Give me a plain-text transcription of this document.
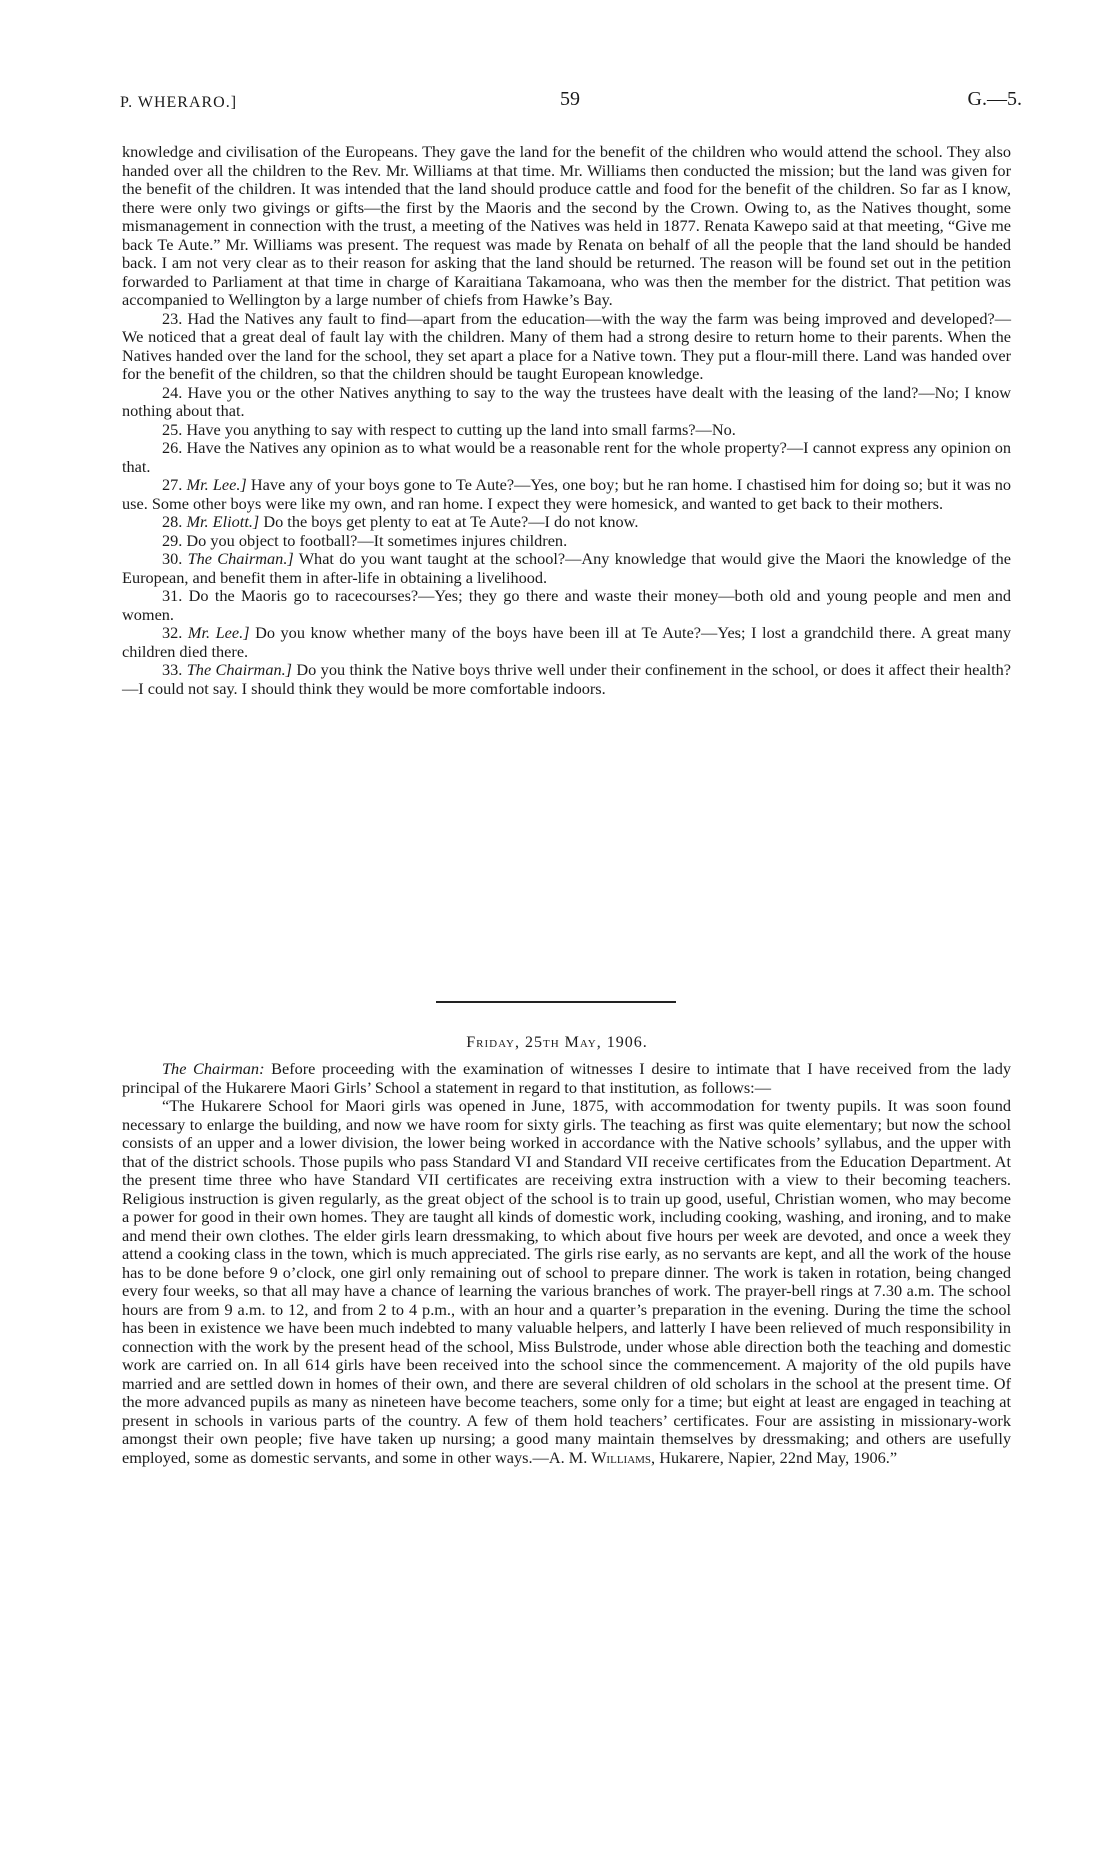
P. WHERARO.]	59	G.—5.

knowledge and civilisation of the Europeans. They gave the land for the benefit of the children who would attend the school. They also handed over all the children to the Rev. Mr. Williams at that time. Mr. Williams then conducted the mission; but the land was given for the benefit of the children. It was intended that the land should produce cattle and food for the benefit of the children. So far as I know, there were only two givings or gifts—the first by the Maoris and the second by the Crown. Owing to, as the Natives thought, some mismanagement in connection with the trust, a meeting of the Natives was held in 1877. Renata Kawepo said at that meeting, “Give me back Te Aute.” Mr. Williams was present. The request was made by Renata on behalf of all the people that the land should be handed back. I am not very clear as to their reason for asking that the land should be returned. The reason will be found set out in the petition forwarded to Parliament at that time in charge of Karaitiana Takamoana, who was then the member for the district. That petition was accompanied to Wellington by a large number of chiefs from Hawke’s Bay.

23. Had the Natives any fault to find—apart from the education—with the way the farm was being improved and developed?—We noticed that a great deal of fault lay with the children. Many of them had a strong desire to return home to their parents. When the Natives handed over the land for the school, they set apart a place for a Native town. They put a flour-mill there. Land was handed over for the benefit of the children, so that the children should be taught European knowledge.

24. Have you or the other Natives anything to say to the way the trustees have dealt with the leasing of the land?—No; I know nothing about that.

25. Have you anything to say with respect to cutting up the land into small farms?—No.

26. Have the Natives any opinion as to what would be a reasonable rent for the whole property?—I cannot express any opinion on that.

27. Mr. Lee.] Have any of your boys gone to Te Aute?—Yes, one boy; but he ran home. I chastised him for doing so; but it was no use. Some other boys were like my own, and ran home. I expect they were homesick, and wanted to get back to their mothers.

28. Mr. Eliott.] Do the boys get plenty to eat at Te Aute?—I do not know.

29. Do you object to football?—It sometimes injures children.

30. The Chairman.] What do you want taught at the school?—Any knowledge that would give the Maori the knowledge of the European, and benefit them in after-life in obtaining a livelihood.

31. Do the Maoris go to racecourses?—Yes; they go there and waste their money—both old and young people and men and women.

32. Mr. Lee.] Do you know whether many of the boys have been ill at Te Aute?—Yes; I lost a grandchild there. A great many children died there.

33. The Chairman.] Do you think the Native boys thrive well under their confinement in the school, or does it affect their health?—I could not say. I should think they would be more comfortable indoors.

Friday, 25th May, 1906.

The Chairman: Before proceeding with the examination of witnesses I desire to intimate that I have received from the lady principal of the Hukarere Maori Girls’ School a statement in regard to that institution, as follows:—

“The Hukarere School for Maori girls was opened in June, 1875, with accommodation for twenty pupils. It was soon found necessary to enlarge the building, and now we have room for sixty girls. The teaching as first was quite elementary; but now the school consists of an upper and a lower division, the lower being worked in accordance with the Native schools’ syllabus, and the upper with that of the district schools. Those pupils who pass Standard VI and Standard VII receive certificates from the Education Department. At the present time three who have Standard VII certificates are receiving extra instruction with a view to their becoming teachers. Religious instruction is given regularly, as the great object of the school is to train up good, useful, Christian women, who may become a power for good in their own homes. They are taught all kinds of domestic work, including cooking, washing, and ironing, and to make and mend their own clothes. The elder girls learn dressmaking, to which about five hours per week are devoted, and once a week they attend a cooking class in the town, which is much appreciated. The girls rise early, as no servants are kept, and all the work of the house has to be done before 9 o’clock, one girl only remaining out of school to prepare dinner. The work is taken in rotation, being changed every four weeks, so that all may have a chance of learning the various branches of work. The prayer-bell rings at 7.30 a.m. The school hours are from 9 a.m. to 12, and from 2 to 4 p.m., with an hour and a quarter’s preparation in the evening. During the time the school has been in existence we have been much indebted to many valuable helpers, and latterly I have been relieved of much responsibility in connection with the work by the present head of the school, Miss Bulstrode, under whose able direction both the teaching and domestic work are carried on. In all 614 girls have been received into the school since the commencement. A majority of the old pupils have married and are settled down in homes of their own, and there are several children of old scholars in the school at the present time. Of the more advanced pupils as many as nineteen have become teachers, some only for a time; but eight at least are engaged in teaching at present in schools in various parts of the country. A few of them hold teachers’ certificates. Four are assisting in missionary-work amongst their own people; five have taken up nursing; a good many maintain themselves by dressmaking; and others are usefully employed, some as domestic servants, and some in other ways.—A. M. Williams, Hukarere, Napier, 22nd May, 1906.”
